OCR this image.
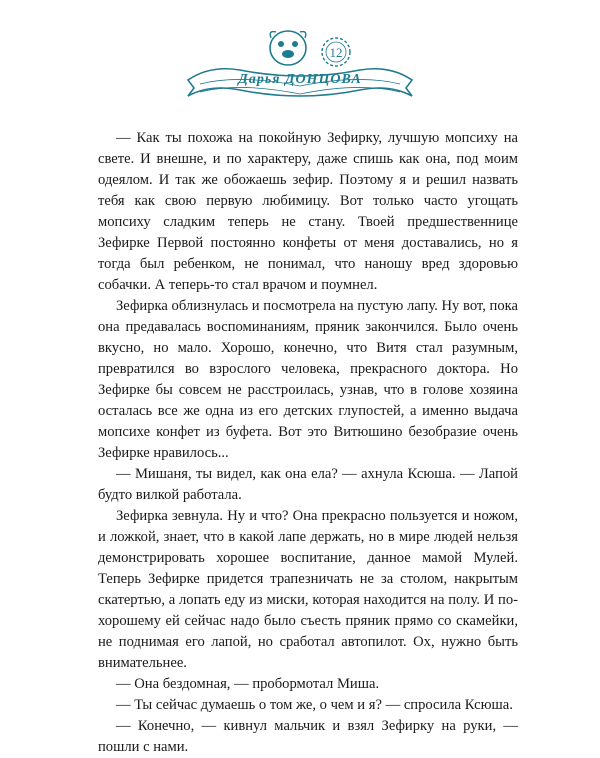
12
Дарья ДОНЦОВА

— Как ты похожа на покойную Зефирку, лучшую мопсиху на свете. И внешне, и по характеру, даже спишь как она, под моим одеялом. И так же обожаешь зефир. Поэтому я и решил назвать тебя как свою первую любимицу. Вот только часто угощать мопсиху сладким теперь не стану. Твоей предшественнице Зефирке Первой постоянно конфеты от меня доставались, но я тогда был ребенком, не понимал, что наношу вред здоровью собачки. А теперь-то стал врачом и поумнел.

Зефирка облизнулась и посмотрела на пустую лапу. Ну вот, пока она предавалась воспоминаниям, пряник закончился. Было очень вкусно, но мало. Хорошо, конечно, что Витя стал разумным, превратился во взрослого человека, прекрасного доктора. Но Зефирке бы совсем не расстроилась, узнав, что в голове хозяина осталась все же одна из его детских глупостей, а именно выдача мопсихе конфет из буфета. Вот это Витюшино безобразие очень Зефирке нравилось...

— Мишаня, ты видел, как она ела? — ахнула Ксюша. — Лапой будто вилкой работала.

Зефирка зевнула. Ну и что? Она прекрасно пользуется и ножом, и ложкой, знает, что в какой лапе держать, но в мире людей нельзя демонстрировать хорошее воспитание, данное мамой Мулей. Теперь Зефирке придется трапезничать не за столом, накрытым скатертью, а лопать еду из миски, которая находится на полу. И по-хорошему ей сейчас надо было съесть пряник прямо со скамейки, не поднимая его лапой, но сработал автопилот. Ох, нужно быть внимательнее.

— Она бездомная, — пробормотал Миша.

— Ты сейчас думаешь о том же, о чем и я? — спросила Ксюша.

— Конечно, — кивнул мальчик и взял Зефирку на руки, — пошли с нами.
